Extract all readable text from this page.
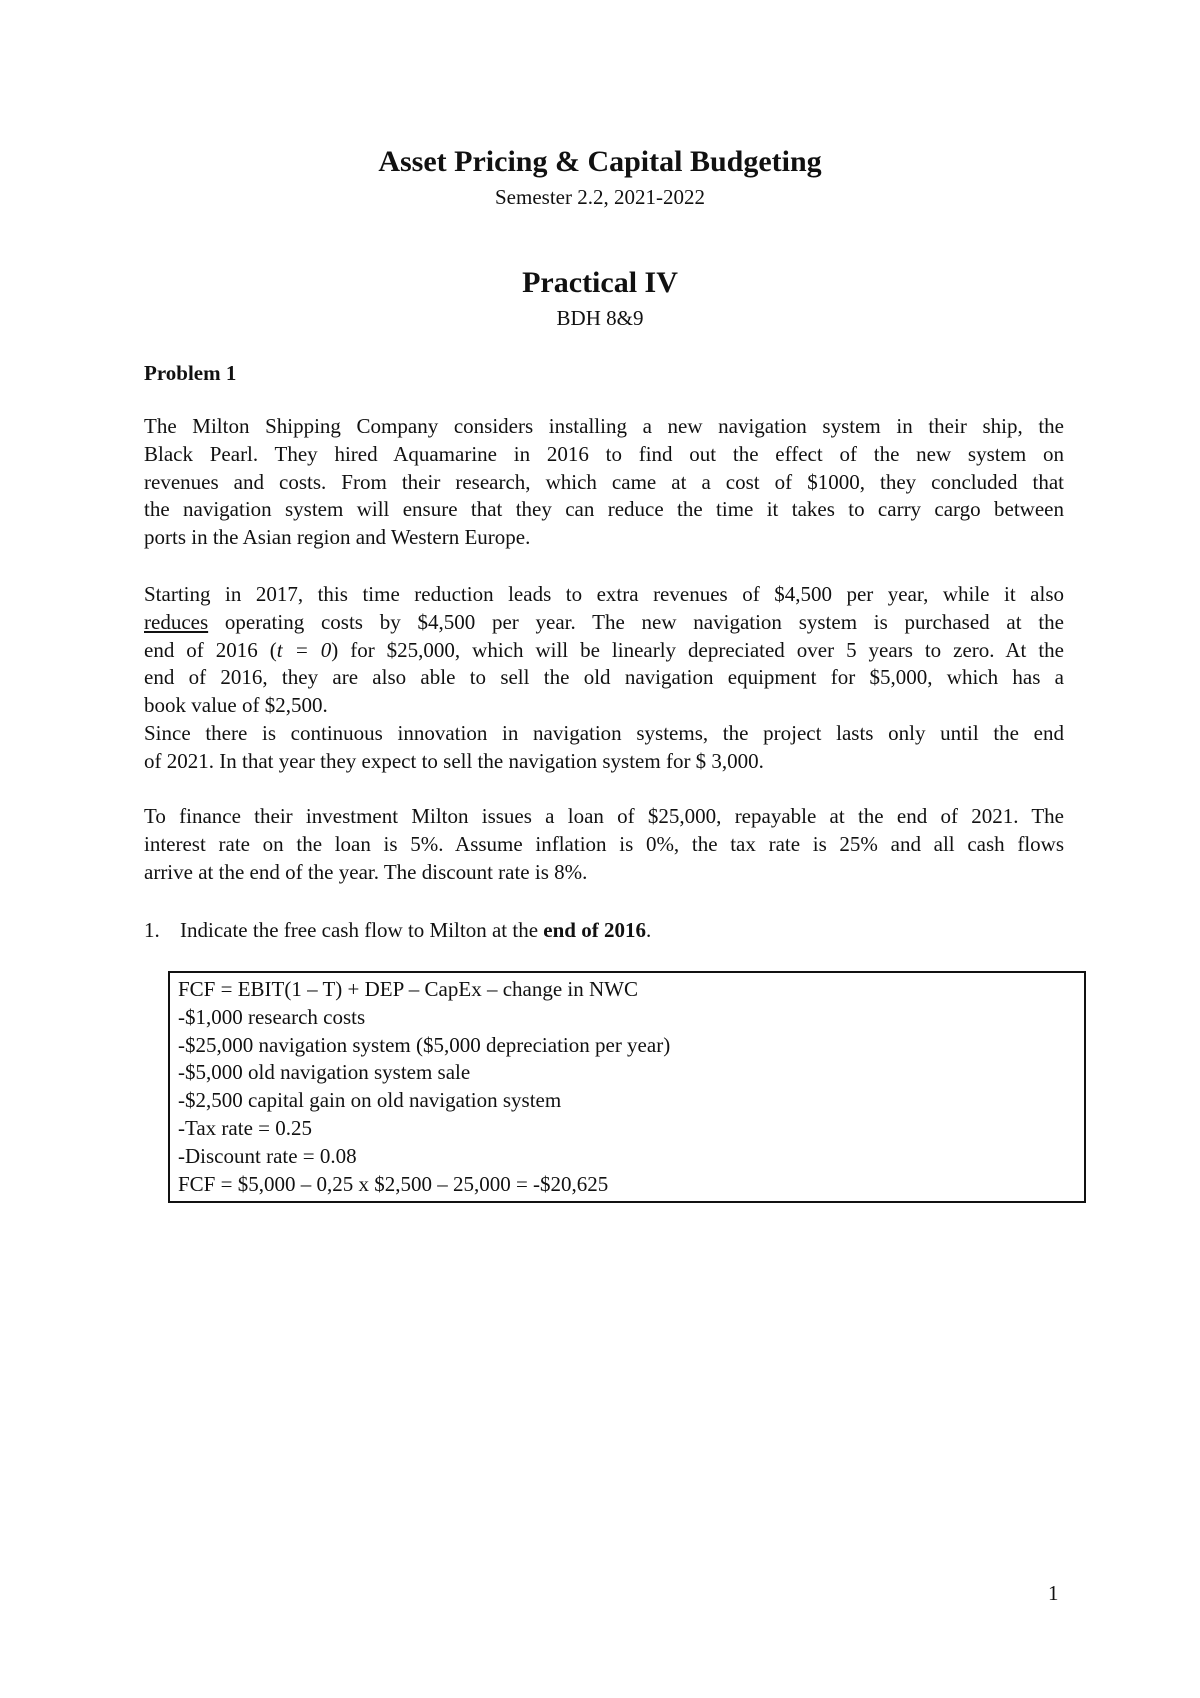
Asset Pricing & Capital Budgeting
Semester 2.2, 2021-2022
Practical IV
BDH 8&9
Problem 1
The Milton Shipping Company considers installing a new navigation system in their ship, the
Black Pearl. They hired Aquamarine in 2016 to find out the effect of the new system on
revenues and costs. From their research, which came at a cost of $1000, they concluded that
the navigation system will ensure that they can reduce the time it takes to carry cargo between
ports in the Asian region and Western Europe.
Starting in 2017, this time reduction leads to extra revenues of $4,500 per year, while it also
reduces operating costs by $4,500 per year. The new navigation system is purchased at the
end of 2016 (t = 0) for $25,000, which will be linearly depreciated over 5 years to zero. At the
end of 2016, they are also able to sell the old navigation equipment for $5,000, which has a
book value of $2,500.
Since there is continuous innovation in navigation systems, the project lasts only until the end
of 2021. In that year they expect to sell the navigation system for $ 3,000.
To finance their investment Milton issues a loan of $25,000, repayable at the end of 2021. The
interest rate on the loan is 5%. Assume inflation is 0%, the tax rate is 25% and all cash flows
arrive at the end of the year. The discount rate is 8%.
1. Indicate the free cash flow to Milton at the end of 2016.
FCF = EBIT(1 – T) + DEP – CapEx – change in NWC
-$1,000 research costs
-$25,000 navigation system ($5,000 depreciation per year)
-$5,000 old navigation system sale
-$2,500 capital gain on old navigation system
-Tax rate = 0.25
-Discount rate = 0.08
FCF = $5,000 – 0,25 x $2,500 – 25,000 = -$20,625
1
